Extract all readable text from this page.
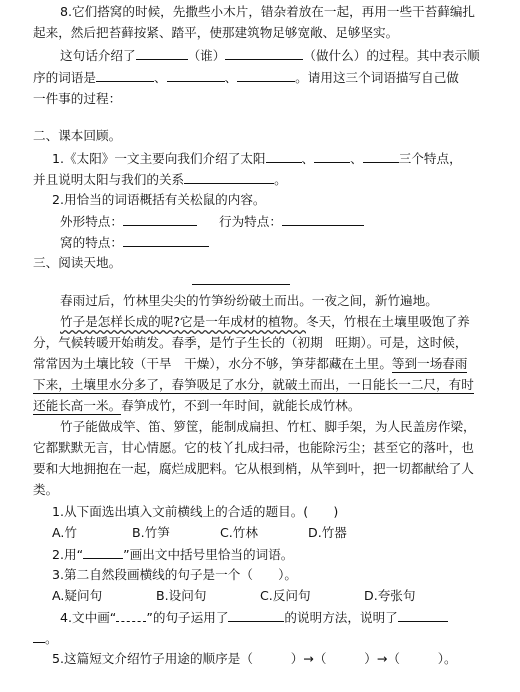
8.它们搭窝的时候，先撒些小木片，错杂着放在一起，再用一些干苔藓编扎
起来，然后把苔藓按紧、踏平，使那建筑物足够宽敞、足够坚实。
这句话介绍了	（谁）	（做什么）的过程。其中表示顺
序的词语是	、	、	。请用这三个词语描写自己做
一件事的过程：
二、课本回顾。
1.《太阳》一文主要向我们介绍了太阳	、	、	三个特点，
并且说明太阳与我们的关系	。
2.用恰当的词语概括有关松鼠的内容。
外形特点：	行为特点：
窝的特点：
三、阅读天地。
春雨过后，竹林里尖尖的竹笋纷纷破土而出。一夜之间，新竹遍地。
竹子是怎样长成的呢?它是一年成材的植物。冬天，竹根在土壤里吸饱了养
分，气候转暖开始萌发。春季，是竹子生长的（初期　旺期）。可是，这时候，
常常因为土壤比较（干旱　干燥），水分不够，笋芽都藏在土里。等到一场春雨
下来，土壤里水分多了，春笋吸足了水分，就破土而出，一日能长一二尺，有时
还能长高一米。春笋成竹，不到一年时间，就能长成竹林。
竹子能做成竿、笛、箩筐，能制成扁担、竹杠、脚手架，为人民盖房作梁，
它都默默无言，甘心情愿。它的枝丫扎成扫帚，也能除污尘；甚至它的落叶，也
要和大地拥抱在一起，腐烂成肥料。它从根到梢，从竿到叶，把一切都献给了人
类。
1.从下面选出填入文前横线上的合适的题目。(　　)
A.竹	B.竹笋	C.竹林	D.竹器
2.用“	”画出文中括号里恰当的词语。
3.第二自然段画横线的句子是一个（　　）。
A.疑问句	B.设问句	C.反问句	D.夸张句
4.文中画“ ”的句子运用了	的说明方法，说明了
。
5.这篇短文介绍竹子用途的顺序是（　　　）→（　　　）→（　　　）。
